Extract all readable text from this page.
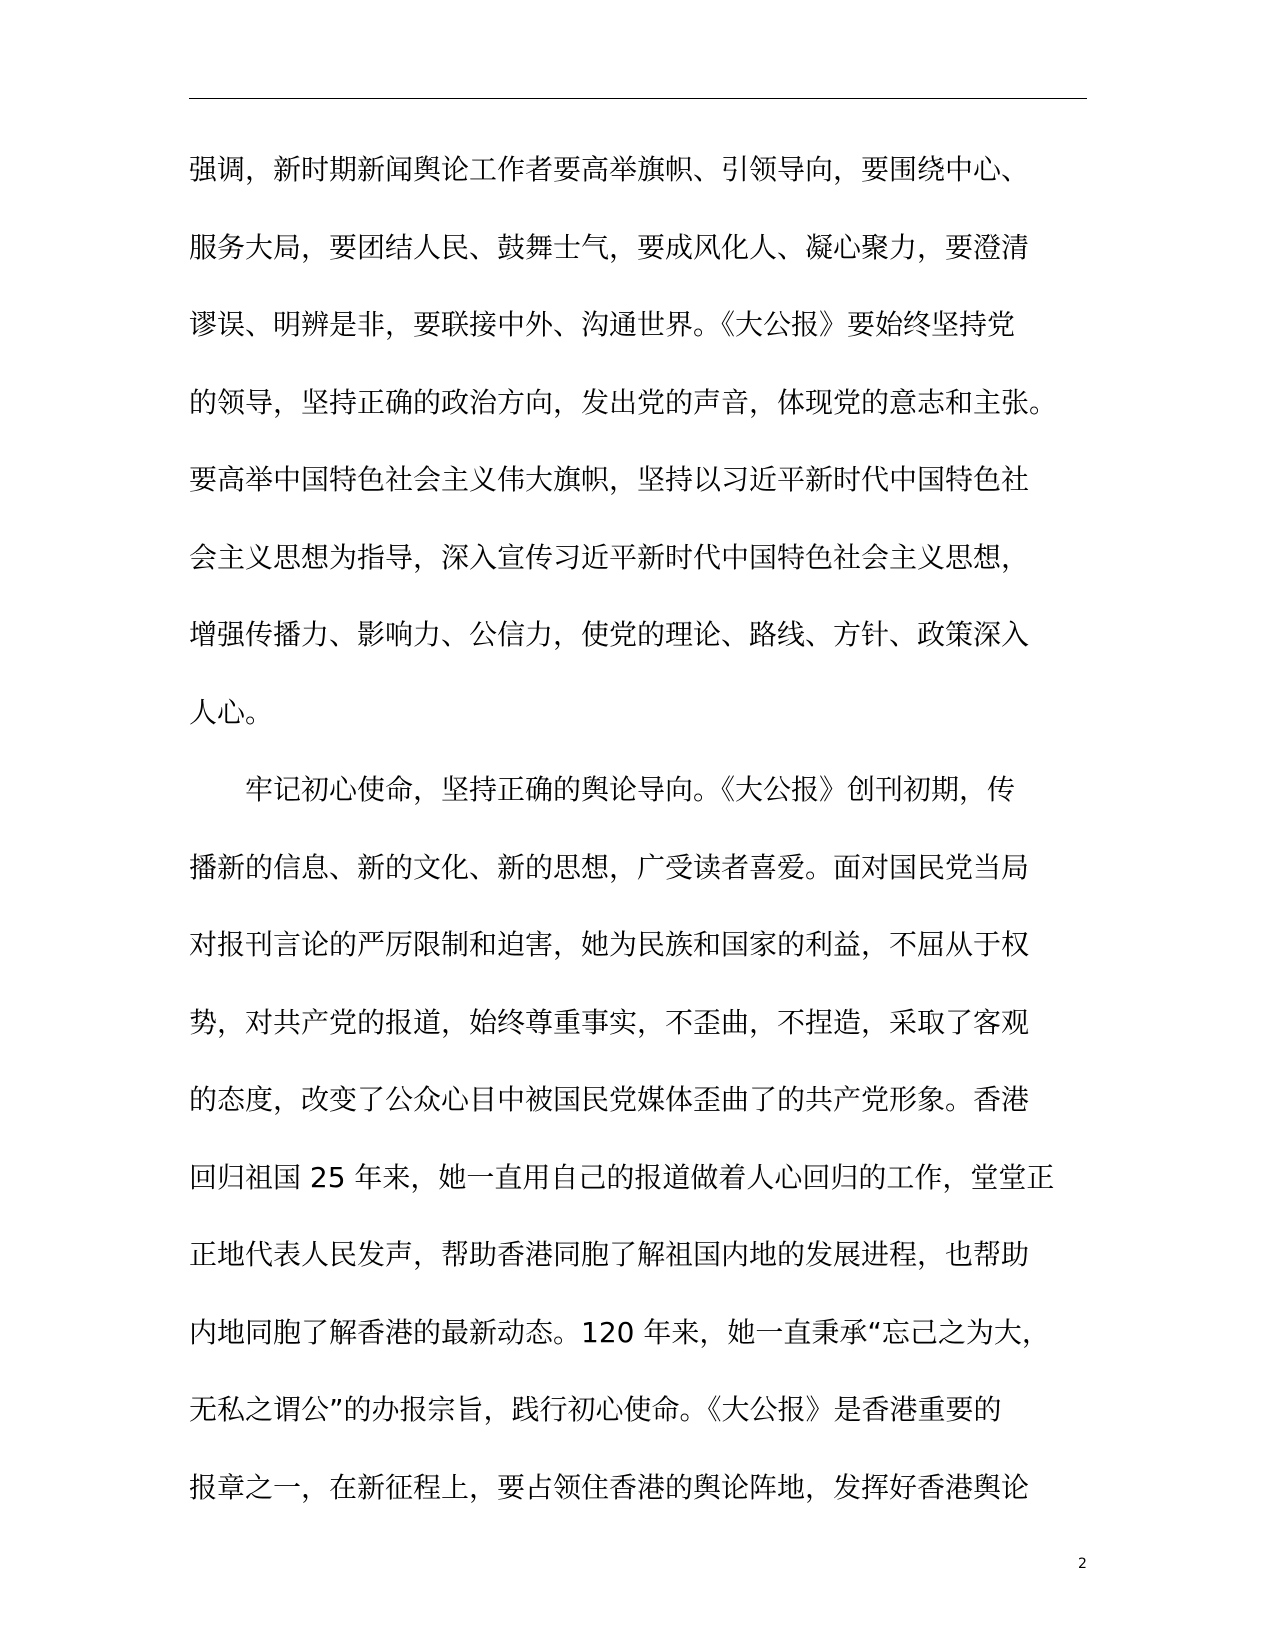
强调，新时期新闻舆论工作者要高举旗帜、引领导向，要围绕中心、
服务大局，要团结人民、鼓舞士气，要成风化人、凝心聚力，要澄清
谬误、明辨是非，要联接中外、沟通世界。《大公报》要始终坚持党
的领导，坚持正确的政治方向，发出党的声音，体现党的意志和主张。
要高举中国特色社会主义伟大旗帜，坚持以习近平新时代中国特色社
会主义思想为指导，深入宣传习近平新时代中国特色社会主义思想，
增强传播力、影响力、公信力，使党的理论、路线、方针、政策深入
人心。
　　牢记初心使命，坚持正确的舆论导向。《大公报》创刊初期，传
播新的信息、新的文化、新的思想，广受读者喜爱。面对国民党当局
对报刊言论的严厉限制和迫害，她为民族和国家的利益，不屈从于权
势，对共产党的报道，始终尊重事实，不歪曲，不捏造，采取了客观
的态度，改变了公众心目中被国民党媒体歪曲了的共产党形象。香港
回归祖国 25 年来，她一直用自己的报道做着人心回归的工作，堂堂正
正地代表人民发声，帮助香港同胞了解祖国内地的发展进程，也帮助
内地同胞了解香港的最新动态。120 年来，她一直秉承“忘己之为大，
无私之谓公”的办报宗旨，践行初心使命。《大公报》是香港重要的
报章之一，在新征程上，要占领住香港的舆论阵地，发挥好香港舆论
2
